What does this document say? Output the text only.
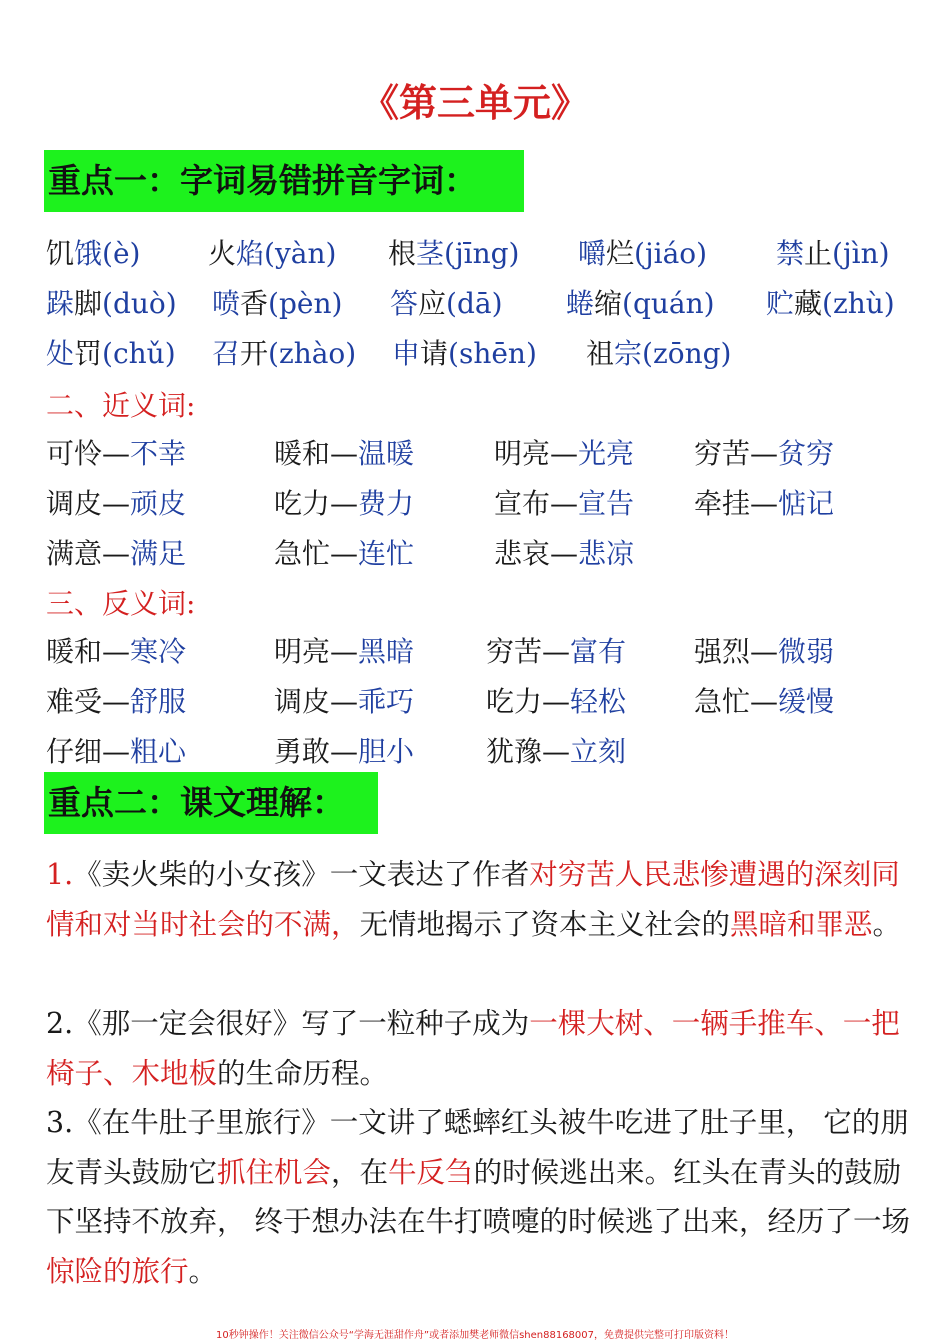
《第三单元》
重点一：字词易错拼音字词：
饥饿(è) 火焰(yàn) 根茎(jīng) 嚼烂(jiáo) 禁止(jìn)
跺脚(duò) 喷香(pèn) 答应(dā) 蜷缩(quán) 贮藏(zhù)
处罚(chǔ) 召开(zhào) 申请(shēn) 祖宗(zōng)
二、近义词:
可怜—不幸	暖和—温暖	明亮—光亮 穷苦—贫穷
调皮—顽皮	吃力—费力	宣布—宣告 牵挂—惦记
满意—满足	急忙—连忙	悲哀—悲凉
三、反义词:
暖和—寒冷	明亮—黑暗	穷苦—富有 强烈—微弱
难受—舒服	调皮—乖巧	吃力—轻松 急忙—缓慢
仔细—粗心	勇敢—胆小	犹豫—立刻
重点二：课文理解：

1.《卖火柴的小女孩》一文表达了作者对穷苦人民悲惨遭遇的深刻同情和对当时社会的不满，无情地揭示了资本主义社会的黑暗和罪恶。

2.《那一定会很好》写了一粒种子成为一棵大树、一辆手推车、一把椅子、木地板的生命历程。

3.《在牛肚子里旅行》一文讲了蟋蟀红头被牛吃进了肚子里， 它的朋友青头鼓励它抓住机会，在牛反刍的时候逃出来。红头在青头的鼓励下坚持不放弃， 终于想办法在牛打喷嚏的时候逃了出来，经历了一场惊险的旅行。

10秒钟操作！关注微信公众号“学海无涯甜作舟”或者添加樊老师微信shen88168007，免费提供完整可打印版资料！
